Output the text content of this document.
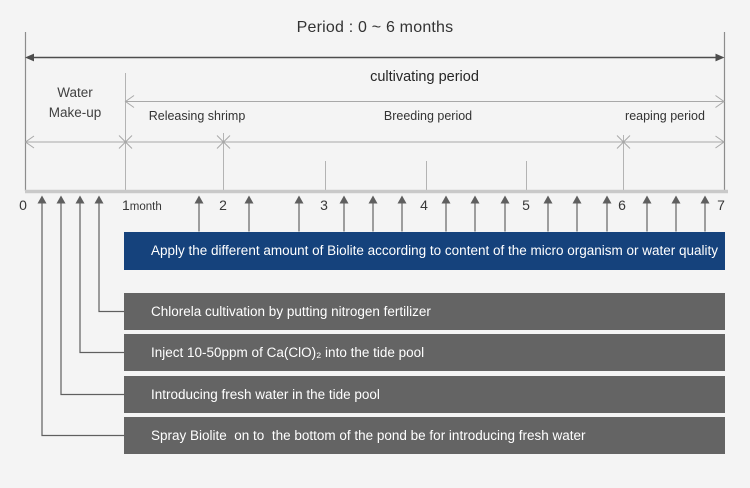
Period : 0 ~ 6 months
Water
Make-up
cultivating period
Releasing shrimp	Breeding period	reaping period
0	1month	2	3	4	5	6	7
Apply the different amount of Biolite according to content of the micro organism or water quality
Chlorela cultivation by putting nitrogen fertilizer
Inject 10-50ppm of Ca(ClO)₂ into the tide pool
Introducing fresh water in the tide pool
Spray Biolite  on to  the bottom of the pond be for introducing fresh water
